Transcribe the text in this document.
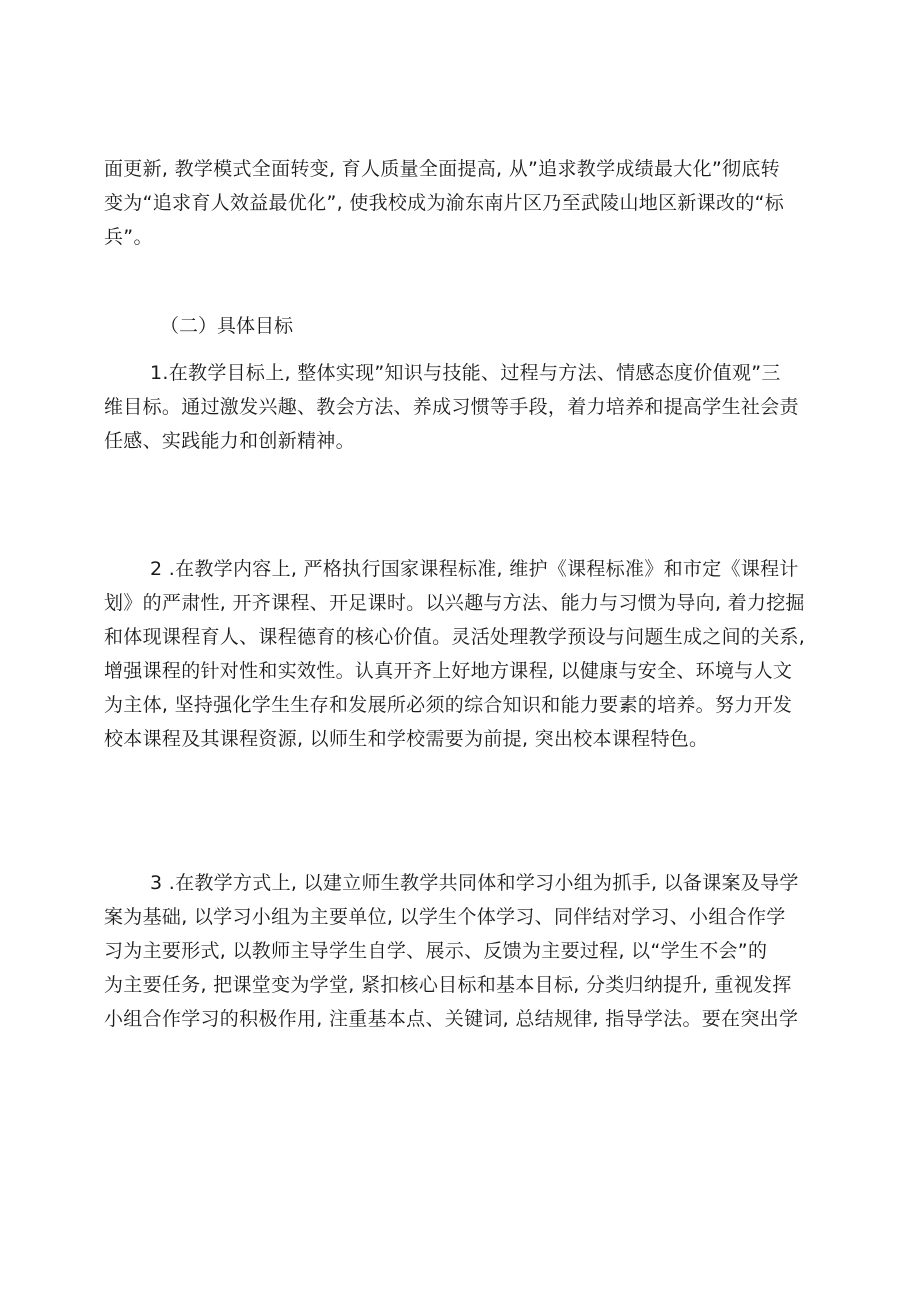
面更新, 教学模式全面转变, 育人质量全面提高, 从”追求教学成绩最大化”彻底转
变为“追求育人效益最优化”, 使我校成为渝东南片区乃至武陵山地区新课改的“标
兵”。

（二）具体目标

1.在教学目标上, 整体实现”知识与技能、过程与方法、情感态度价值观”三
维目标。通过激发兴趣、教会方法、养成习惯等手段，着力培养和提高学生社会责
任感、实践能力和创新精神。

2 .在教学内容上, 严格执行国家课程标准, 维护《课程标准》和市定《课程计
划》的严肃性, 开齐课程、开足课时。以兴趣与方法、能力与习惯为导向, 着力挖掘
和体现课程育人、课程德育的核心价值。灵活处理教学预设与问题生成之间的关系,
增强课程的针对性和实效性。认真开齐上好地方课程, 以健康与安全、环境与人文
为主体, 坚持强化学生生存和发展所必须的综合知识和能力要素的培养。努力开发
校本课程及其课程资源, 以师生和学校需要为前提, 突出校本课程特色。

3 .在教学方式上, 以建立师生教学共同体和学习小组为抓手, 以备课案及导学
案为基础, 以学习小组为主要单位, 以学生个体学习、同伴结对学习、小组合作学
习为主要形式, 以教师主导学生自学、展示、反馈为主要过程, 以“学生不会”的
为主要任务, 把课堂变为学堂, 紧扣核心目标和基本目标, 分类归纳提升, 重视发挥
小组合作学习的积极作用, 注重基本点、关键词, 总结规律, 指导学法。要在突出学
